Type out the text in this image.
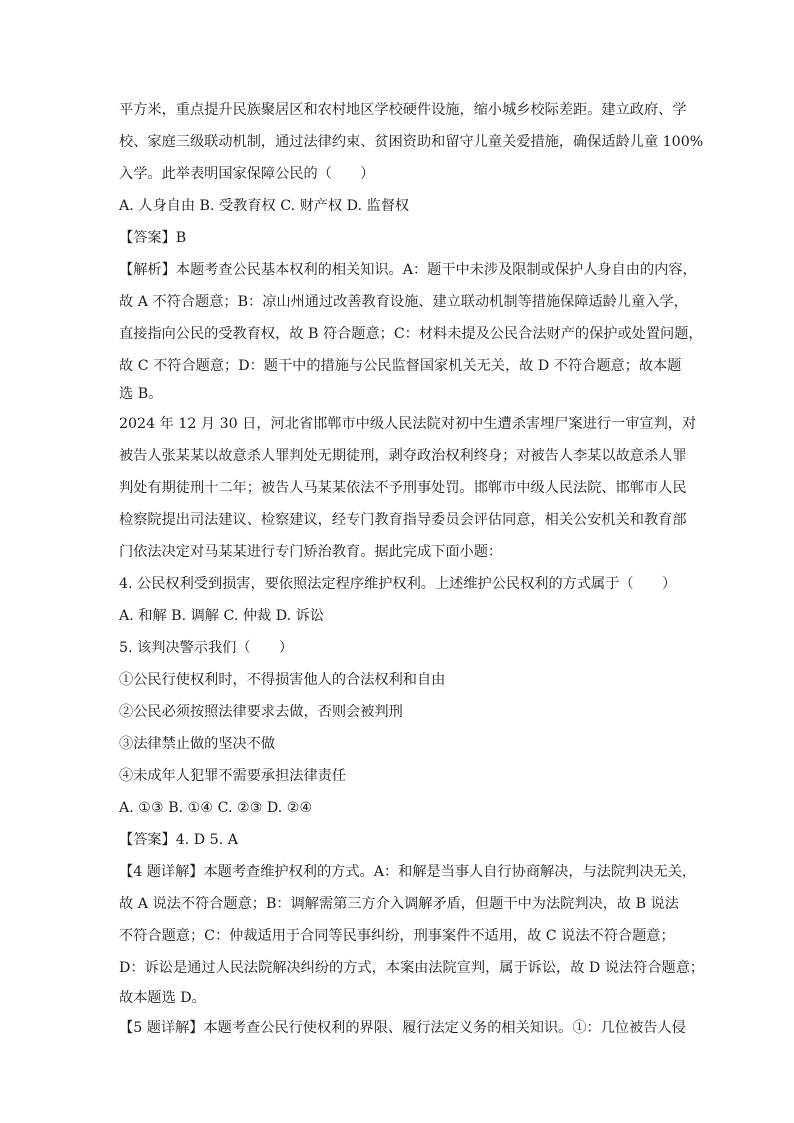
平方米，重点提升民族聚居区和农村地区学校硬件设施，缩小城乡校际差距。建立政府、学
校、家庭三级联动机制，通过法律约束、贫困资助和留守儿童关爱措施，确保适龄儿童 100%
入学。此举表明国家保障公民的（　　）
A. 人身自由 B. 受教育权 C. 财产权 D. 监督权
【答案】B
【解析】本题考查公民基本权利的相关知识。A：题干中未涉及限制或保护人身自由的内容，
故 A 不符合题意；B：凉山州通过改善教育设施、建立联动机制等措施保障适龄儿童入学，
直接指向公民的受教育权，故 B 符合题意；C：材料未提及公民合法财产的保护或处置问题，
故 C 不符合题意；D：题干中的措施与公民监督国家机关无关，故 D 不符合题意；故本题
选 B。
2024 年 12 月 30 日，河北省邯郸市中级人民法院对初中生遭杀害埋尸案进行一审宣判，对
被告人张某某以故意杀人罪判处无期徒刑，剥夺政治权利终身；对被告人李某以故意杀人罪
判处有期徒刑十二年；被告人马某某依法不予刑事处罚。邯郸市中级人民法院、邯郸市人民
检察院提出司法建议、检察建议，经专门教育指导委员会评估同意，相关公安机关和教育部
门依法决定对马某某进行专门矫治教育。据此完成下面小题：
4. 公民权利受到损害，要依照法定程序维护权利。上述维护公民权利的方式属于（　　）
A. 和解 B. 调解 C. 仲裁 D. 诉讼
5. 该判决警示我们（　　）
①公民行使权利时，不得损害他人的合法权利和自由
②公民必须按照法律要求去做，否则会被判刑
③法律禁止做的坚决不做
④未成年人犯罪不需要承担法律责任
A. ①③ B. ①④ C. ②③ D. ②④
【答案】4. D 5. A
【4 题详解】本题考查维护权利的方式。A：和解是当事人自行协商解决，与法院判决无关，
故 A 说法不符合题意；B：调解需第三方介入调解矛盾，但题干中为法院判决，故 B 说法
不符合题意；C：仲裁适用于合同等民事纠纷，刑事案件不适用，故 C 说法不符合题意；
D：诉讼是通过人民法院解决纠纷的方式，本案由法院宣判，属于诉讼，故 D 说法符合题意；
故本题选 D。
【5 题详解】本题考查公民行使权利的界限、履行法定义务的相关知识。①：几位被告人侵
